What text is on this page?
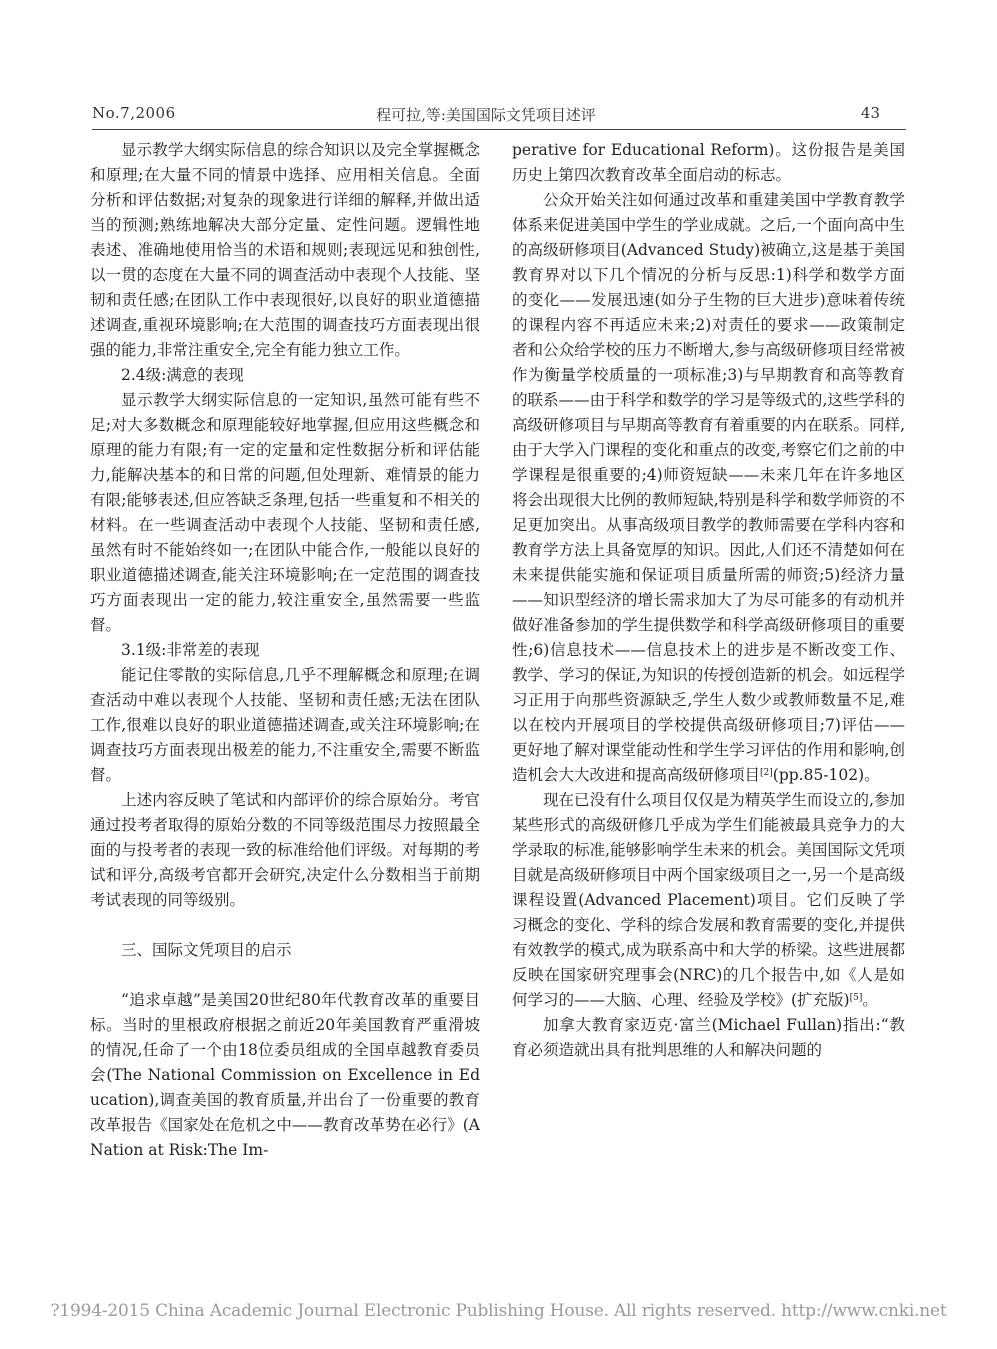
No.7,2006	程可拉,等:美国国际文凭项目述评	43

显示教学大纲实际信息的综合知识以及完全掌握概念和原理;在大量不同的情景中选择、应用相关信息。全面分析和评估数据;对复杂的现象进行详细的解释,并做出适当的预测;熟练地解决大部分定量、定性问题。逻辑性地表述、准确地使用恰当的术语和规则;表现远见和独创性,以一贯的态度在大量不同的调查活动中表现个人技能、坚韧和责任感;在团队工作中表现很好,以良好的职业道德描述调查,重视环境影响;在大范围的调查技巧方面表现出很强的能力,非常注重安全,完全有能力独立工作。

2.4级:满意的表现

显示教学大纲实际信息的一定知识,虽然可能有些不足;对大多数概念和原理能较好地掌握,但应用这些概念和原理的能力有限;有一定的定量和定性数据分析和评估能力,能解决基本的和日常的问题,但处理新、难情景的能力有限;能够表述,但应答缺乏条理,包括一些重复和不相关的材料。在一些调查活动中表现个人技能、坚韧和责任感,虽然有时不能始终如一;在团队中能合作,一般能以良好的职业道德描述调查,能关注环境影响;在一定范围的调查技巧方面表现出一定的能力,较注重安全,虽然需要一些监督。

3.1级:非常差的表现

能记住零散的实际信息,几乎不理解概念和原理;在调查活动中难以表现个人技能、坚韧和责任感;无法在团队工作,很难以良好的职业道德描述调查,或关注环境影响;在调查技巧方面表现出极差的能力,不注重安全,需要不断监督。

上述内容反映了笔试和内部评价的综合原始分。考官通过投考者取得的原始分数的不同等级范围尽力按照最全面的与投考者的表现一致的标准给他们评级。对每期的考试和评分,高级考官都开会研究,决定什么分数相当于前期考试表现的同等级别。

三、国际文凭项目的启示

“追求卓越”是美国20世纪80年代教育改革的重要目标。当时的里根政府根据之前近20年美国教育严重滑坡的情况,任命了一个由18位委员组成的全国卓越教育委员会(The National Commission on Excellence in Education),调查美国的教育质量,并出台了一份重要的教育改革报告《国家处在危机之中——教育改革势在必行》(A Nation at Risk:The Im-

perative for Educational Reform)。这份报告是美国历史上第四次教育改革全面启动的标志。

公众开始关注如何通过改革和重建美国中学教育教学体系来促进美国中学生的学业成就。之后,一个面向高中生的高级研修项目(Advanced Study)被确立,这是基于美国教育界对以下几个情况的分析与反思:1)科学和数学方面的变化——发展迅速(如分子生物的巨大进步)意味着传统的课程内容不再适应未来;2)对责任的要求——政策制定者和公众给学校的压力不断增大,参与高级研修项目经常被作为衡量学校质量的一项标准;3)与早期教育和高等教育的联系——由于科学和数学的学习是等级式的,这些学科的高级研修项目与早期高等教育有着重要的内在联系。同样,由于大学入门课程的变化和重点的改变,考察它们之前的中学课程是很重要的;4)师资短缺——未来几年在许多地区将会出现很大比例的教师短缺,特别是科学和数学师资的不足更加突出。从事高级项目教学的教师需要在学科内容和教育学方法上具备宽厚的知识。因此,人们还不清楚如何在未来提供能实施和保证项目质量所需的师资;5)经济力量——知识型经济的增长需求加大了为尽可能多的有动机并做好准备参加的学生提供数学和科学高级研修项目的重要性;6)信息技术——信息技术上的进步是不断改变工作、教学、学习的保证,为知识的传授创造新的机会。如远程学习正用于向那些资源缺乏,学生人数少或教师数量不足,难以在校内开展项目的学校提供高级研修项目;7)评估——更好地了解对课堂能动性和学生学习评估的作用和影响,创造机会大大改进和提高高级研修项目[2](pp.85-102)。

现在已没有什么项目仅仅是为精英学生而设立的,参加某些形式的高级研修几乎成为学生们能被最具竞争力的大学录取的标准,能够影响学生未来的机会。美国国际文凭项目就是高级研修项目中两个国家级项目之一,另一个是高级课程设置(Advanced Placement)项目。它们反映了学习概念的变化、学科的综合发展和教育需要的变化,并提供有效教学的模式,成为联系高中和大学的桥梁。这些进展都反映在国家研究理事会(NRC)的几个报告中,如《人是如何学习的——大脑、心理、经验及学校》(扩充版)[5]。

加拿大教育家迈克·富兰(Michael Fullan)指出:“教育必须造就出具有批判思维的人和解决问题的

?1994-2015 China Academic Journal Electronic Publishing House. All rights reserved. http://www.cnki.net
